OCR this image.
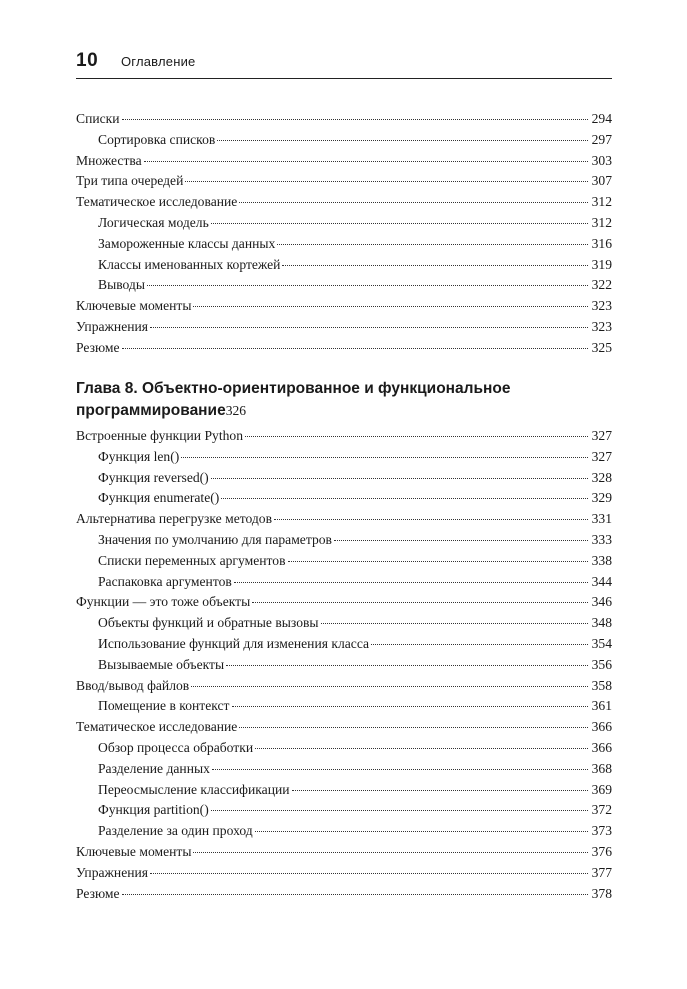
10 Оглавление
Глава 8. Объектно-ориентированное и функциональное
программирование 326
Списки	294
Сортировка списков	297
Множества	303
Три типа очередей	307
Тематическое исследование	312
Логическая модель	312
Замороженные классы данных	316
Классы именованных кортежей	319
Выводы	322
Ключевые моменты	323
Упражнения	323
Резюме	325
Встроенные функции Python	327
Функция len()	327
Функция reversed()	328
Функция enumerate()	329
Альтернатива перегрузке методов	331
Значения по умолчанию для параметров	333
Списки переменных аргументов	338
Распаковка аргументов	344
Функции — это тоже объекты	346
Объекты функций и обратные вызовы	348
Использование функций для изменения класса	354
Вызываемые объекты	356
Ввод/вывод файлов	358
Помещение в контекст	361
Тематическое исследование	366
Обзор процесса обработки	366
Разделение данных	368
Переосмысление классификации	369
Функция partition()	372
Разделение за один проход	373
Ключевые моменты	376
Упражнения	377
Резюме	378
